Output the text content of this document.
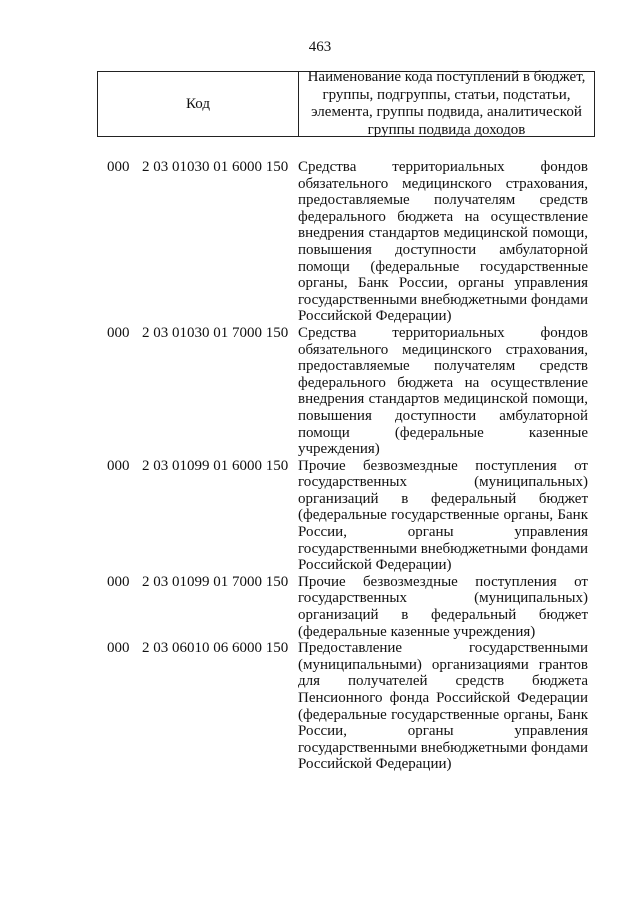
463
Код
Наименование кода поступлений в бюджет, группы, подгруппы, статьи, подстатьи, элемента, группы подвида, аналитической группы подвида доходов
000 2 03 01030 01 6000 150 Средства территориальных фондов обязательного медицинского страхования, предоставляемые получателям средств федерального бюджета на осуществление внедрения стандартов медицинской помощи, повышения доступности амбулаторной помощи (федеральные государственные органы, Банк России, органы управления государственными внебюджетными фондами Российской Федерации)
000 2 03 01030 01 7000 150 Средства территориальных фондов обязательного медицинского страхования, предоставляемые получателям средств федерального бюджета на осуществление внедрения стандартов медицинской помощи, повышения доступности амбулаторной помощи (федеральные казенные учреждения)
000 2 03 01099 01 6000 150 Прочие безвозмездные поступления от государственных (муниципальных) организаций в федеральный бюджет (федеральные государственные органы, Банк России, органы управления государственными внебюджетными фондами Российской Федерации)
000 2 03 01099 01 7000 150 Прочие безвозмездные поступления от государственных (муниципальных) организаций в федеральный бюджет (федеральные казенные учреждения)
000 2 03 06010 06 6000 150 Предоставление государственными (муниципальными) организациями грантов для получателей средств бюджета Пенсионного фонда Российской Федерации (федеральные государственные органы, Банк России, органы управления государственными внебюджетными фондами Российской Федерации)
